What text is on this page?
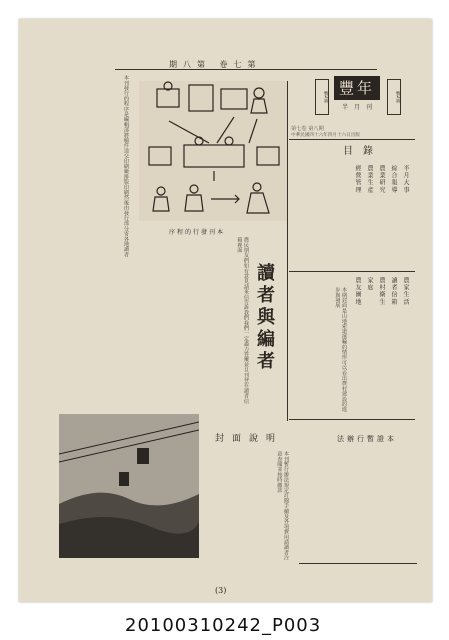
期八第 卷七第
號2第 豐年
半月刊
號2第
第七卷 第八期
中華民國四十六年四月十六日出版
目錄
半月大事
綜合報導
農業研究
農業生產
經營管理
農家生活
讀者信箱
農村衛生
家庭
農友園地
本刊發行的程序是編輯部將稿件送交印刷廠排版印刷然後由發行部分寄各地讀者	序程的行發刊本
農民朋友們如有意見請來信告訴我們我們一定盡力答覆並且刊登在讀者信箱裡面
讀者與編者	本期封面是山地索道運輸的情形可以看出農村建設的進步與發展
封面說明
本刊暫行辦法規定訂閱手續及各項費用請讀者注意查閱並按時繳款
法辦行暫證本
(3)
20100310242_P003
